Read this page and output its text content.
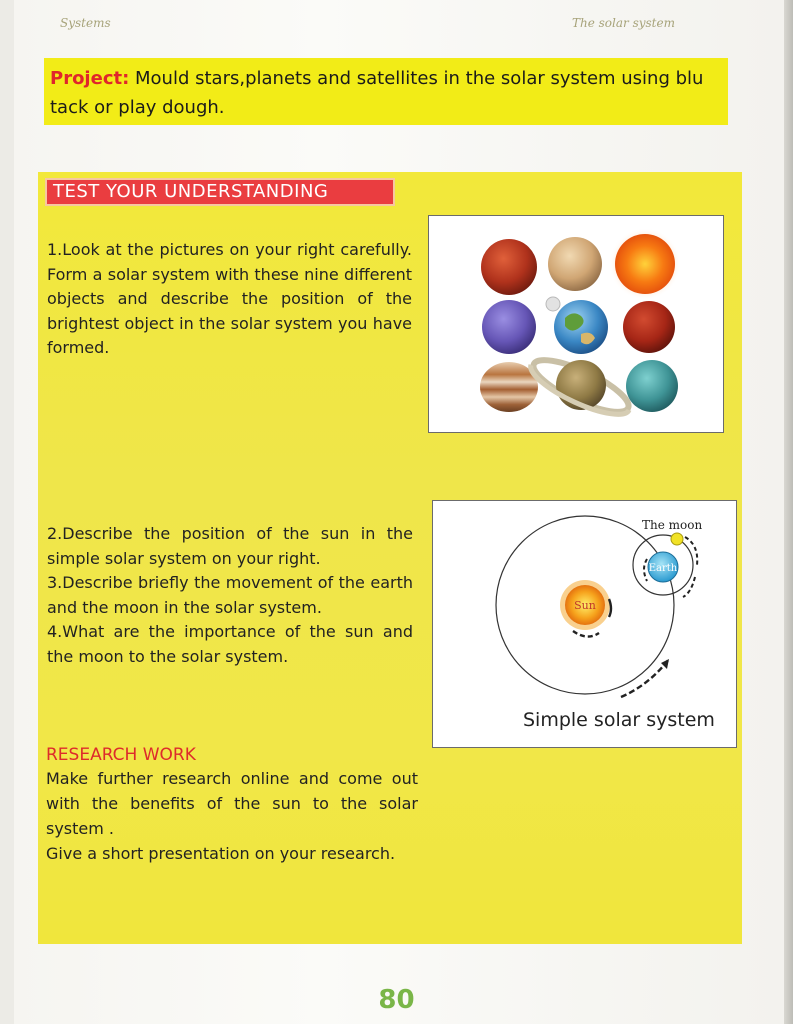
Systems	The solar system
Project: Mould stars,planets and satellites in the solar system using blu tack or play dough.
TEST YOUR UNDERSTANDING
1.Look at the pictures on your right carefully. Form a solar system with these nine different objects and describe the position of the brightest object in the solar system you have formed.
2.Describe the position of the sun in the simple solar system on your right.
3.Describe briefly the movement of the earth and the moon in the solar system.
4.What are the importance of the sun and the moon to the solar system.
Sun
Earth
The moon
Simple solar system
RESEARCH WORK
Make further research online and come out with the benefits of the sun to the solar system .
Give a short presentation on your research.
80
